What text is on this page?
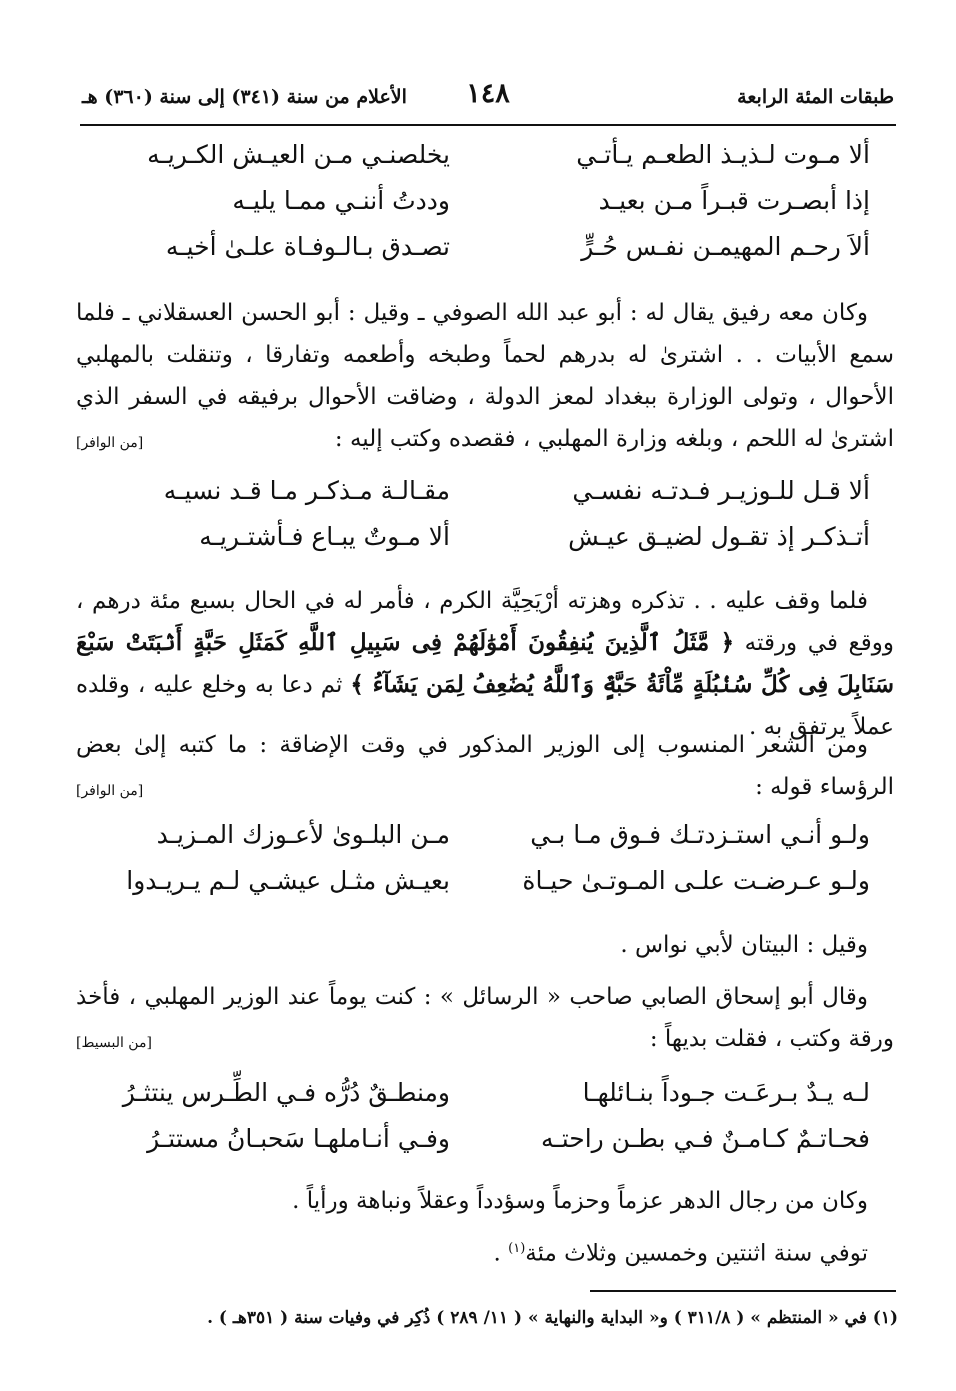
طبقات المئة الرابعة
١٤٨
الأعلام من سنة (٣٤١) إلى سنة (٣٦٠) هـ
ألا مـوت لـذيـذ الطعـم يـأتـي
يخلصنـي مـن العيـش الكـريـه
إذا أبصـرت قبـراً مـن بعيـد
وددتُ أننـي ممـا يليـه
ألاَ رحـم المهيمـن نفـس حُـرٍّ
تصـدق بـالـوفـاة علـىٰ أخيـه

وكان معه رفيق يقال له : أبو عبد الله الصوفي ـ وقيل : أبو الحسن العسقلاني ـ فلما سمع الأبيات . . اشترىٰ له بدرهم لحماً وطبخه وأطعمه وتفارقا ، وتنقلت بالمهلبي الأحوال ، وتولى الوزارة ببغداد لمعز الدولة ، وضاقت الأحوال برفيقه في السفر الذي اشترىٰ له اللحم ، وبلغه وزارة المهلبي ، فقصده وكتب إليه :
[من الوافر]

ألا قـل للـوزيـر فـدتـه نفسـي
مقـالـة مـذكـر مـا قـد نسيـه
أتـذكـر إذ تقـول لضيـق عيـش
ألا مـوتٌ يبـاع فـأشتـريـه

فلما وقف عليه . . تذكره وهزته أرْيَحِيَّة الكرم ، فأمر له في الحال بسبع مئة درهم ، ووقع في ورقته ﴿ مَّثَلُ ٱلَّذِينَ يُنفِقُونَ أَمْوَٰلَهُمْ فِى سَبِيلِ ٱللَّهِ كَمَثَلِ حَبَّةٍ أَنۢبَتَتْ سَبْعَ سَنَابِلَ فِى كُلِّ سُنۢبُلَةٍ مِّاْئَةُ حَبَّةٍۢ وَٱللَّهُ يُضَٰعِفُ لِمَن يَشَآءُ ﴾ ثم دعا به وخلع عليه ، وقلده عملاً يرتفق به .

ومن الشعر المنسوب إلى الوزير المذكور في وقت الإضاقة : ما كتبه إلىٰ بعض الرؤساء قوله :
[من الوافر]

ولـو أنـي استـزدتـك فـوق مـا بـي
مـن البلـوىٰ لأعـوزك المـزيـد
ولـو عـرضـت علـى المـوتـىٰ حيـاة
بعيـش مثـل عيشـي لـم يـريـدوا

وقيل : البيتان لأبي نواس .

وقال أبو إسحاق الصابي صاحب « الرسائل » : كنت يوماً عند الوزير المهلبي ، فأخذ ورقة وكتب ، فقلت بديهاً :
[من البسيط]

لـه يـدٌ بـرعَـت جـوداً بنـائلهـا
ومنطـقٌ دُرُّه فـي الطِّـرس ينتثـرُ
فحـاتـمٌ كـامـنٌ فـي بطـن راحتـه
وفـي أنـاملهـا سَحبـانُ مستتـرُ

وكان من رجال الدهر عزماً وحزماً وسؤدداً وعقلاً ونباهة ورأياً .

توفي سنة اثنتين وخمسين وثلاث مئة$^{(١)}$ .

(١) في « المنتظم » ( ٣١١/٨ ) و« البداية والنهاية » ( ١١/ ٢٨٩ ) ذُكِر في وفيات سنة ( ٣٥١هـ ) .
